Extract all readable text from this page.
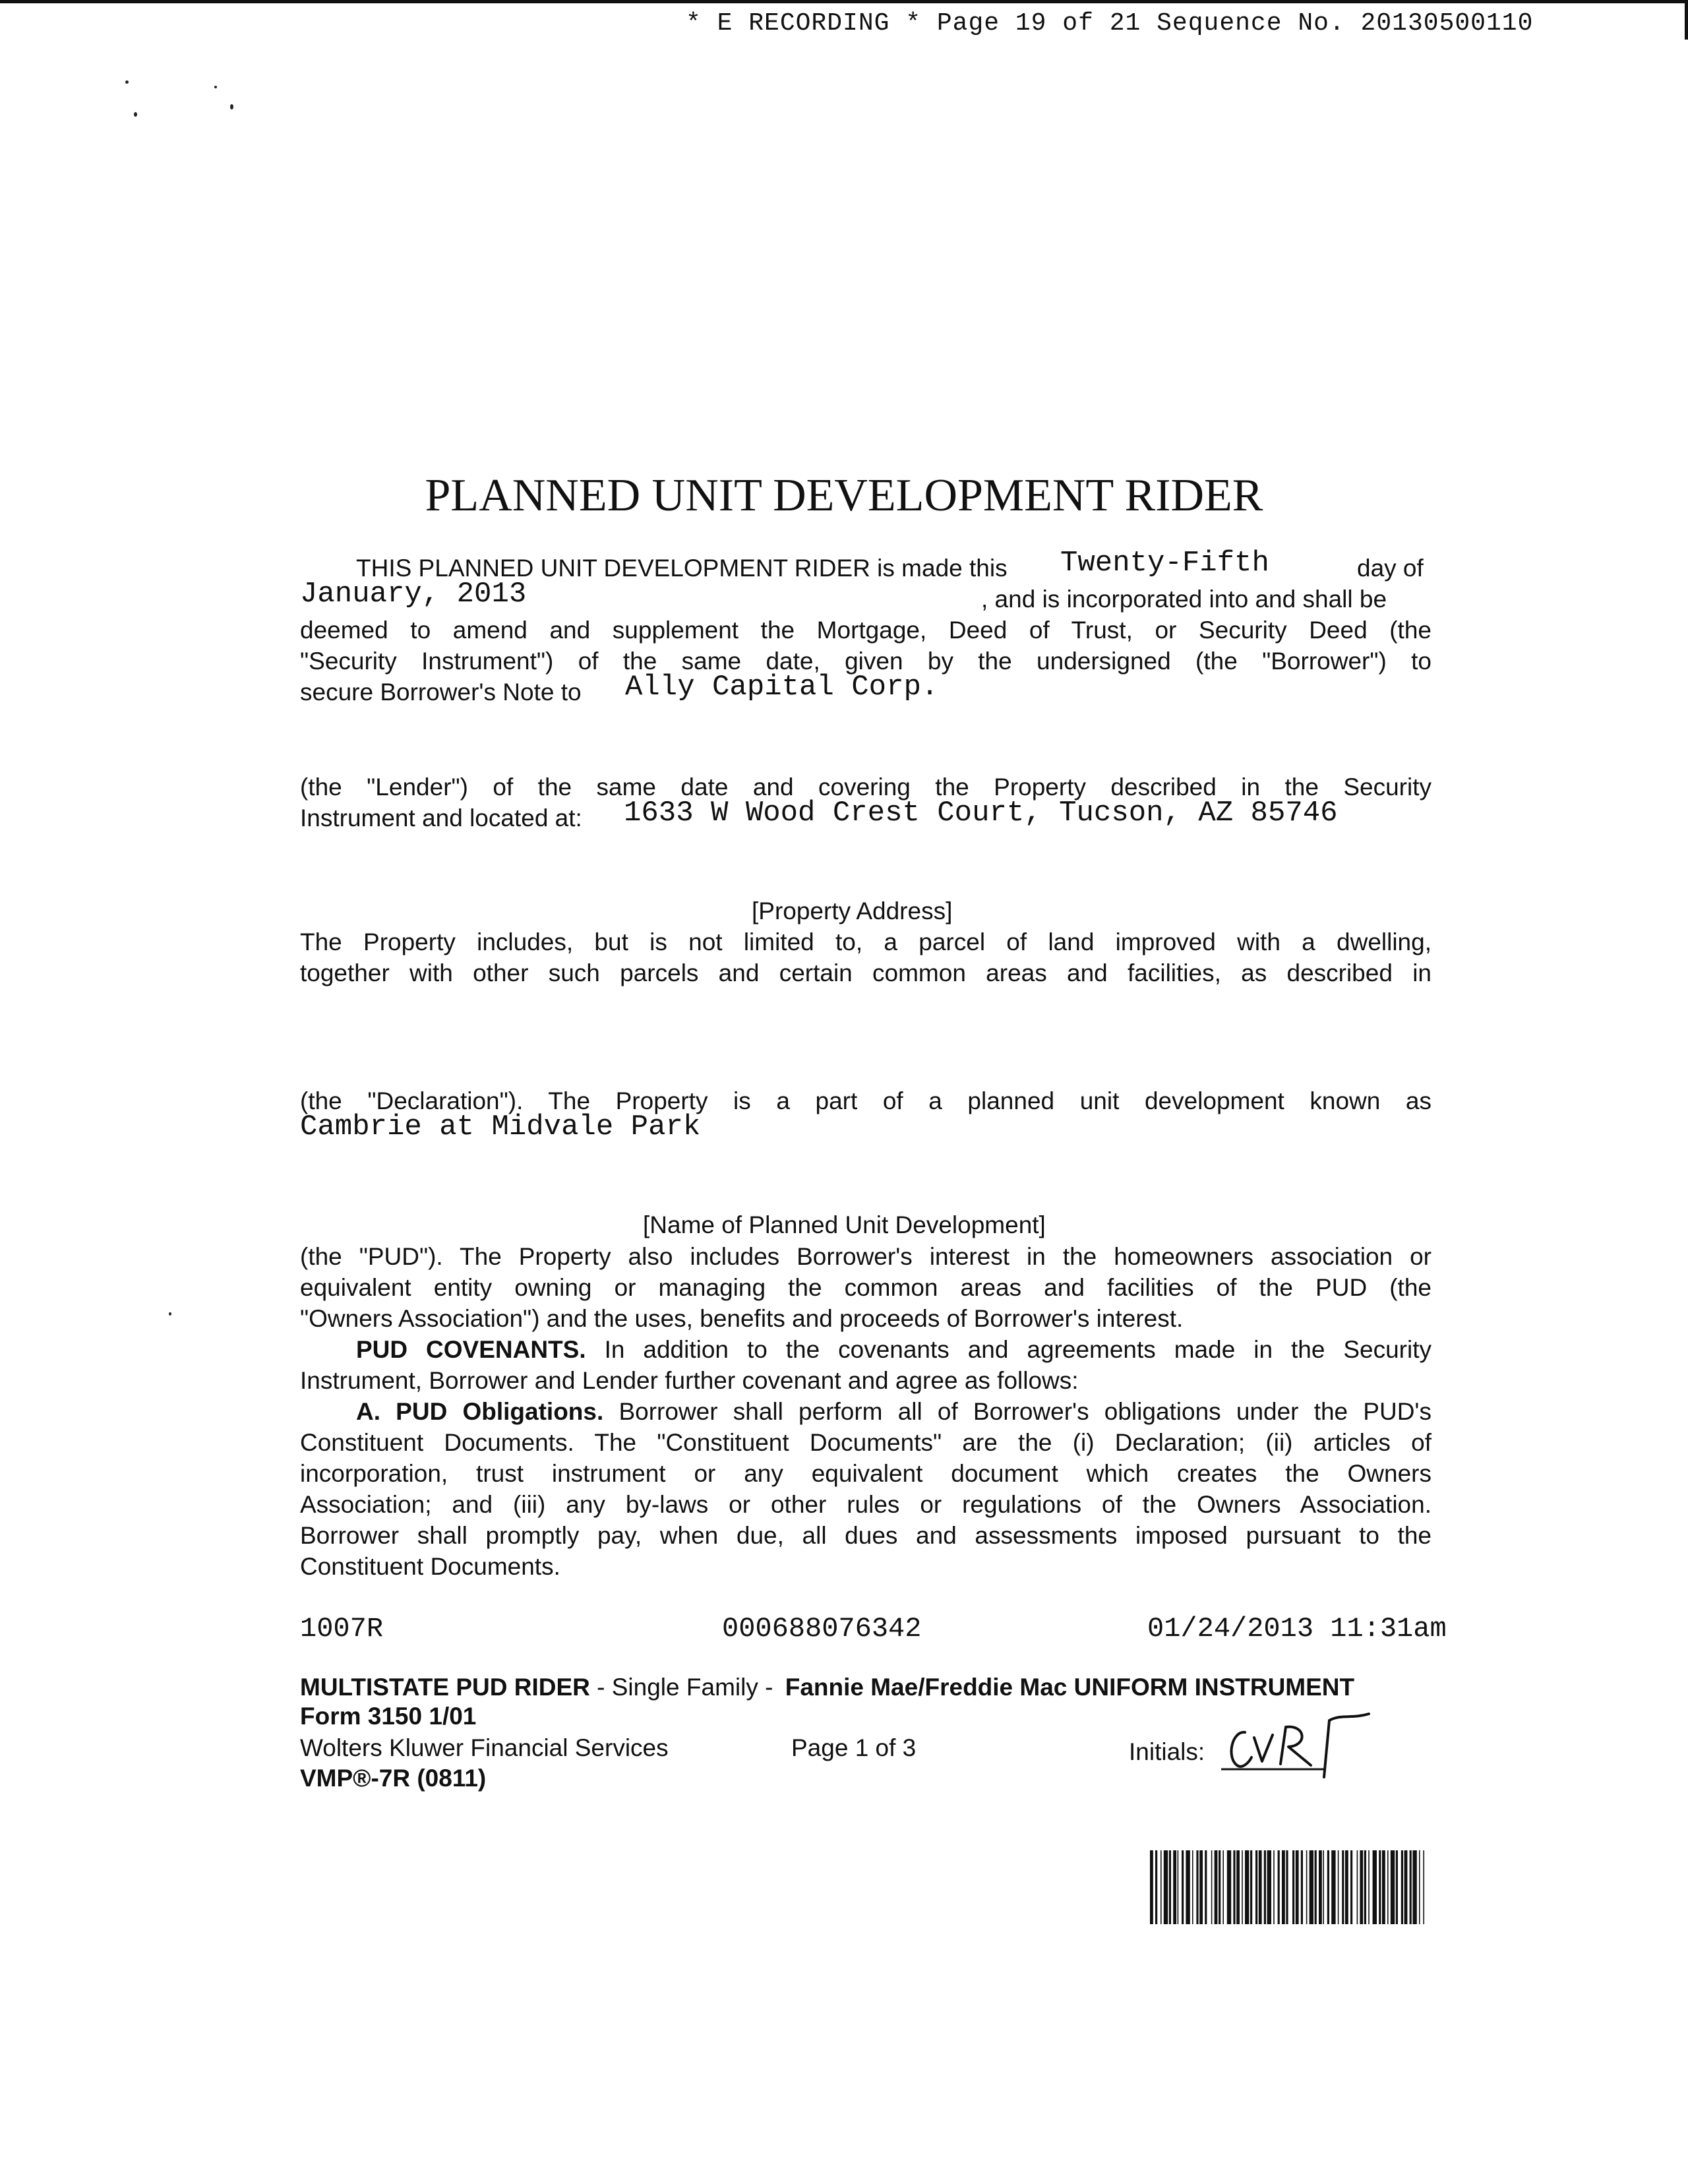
* E RECORDING * Page 19 of 21 Sequence No. 20130500110
PLANNED UNIT DEVELOPMENT RIDER
THIS PLANNED UNIT DEVELOPMENT RIDER is made this Twenty-Fifth	day of
January, 2013	, and is incorporated into and shall be
deemed to amend and supplement the Mortgage, Deed of Trust, or Security Deed (the
"Security Instrument") of the same date, given by the undersigned (the "Borrower") to
secure Borrower's Note to Ally Capital Corp.
(the "Lender") of the same date and covering the Property described in the Security
Instrument and located at: 1633 W Wood Crest Court, Tucson, AZ 85746
[Property Address]
The Property includes, but is not limited to, a parcel of land improved with a dwelling,
together with other such parcels and certain common areas and facilities, as described in
(the "Declaration"). The Property is a part of a planned unit development known as
Cambrie at Midvale Park
[Name of Planned Unit Development]
(the "PUD"). The Property also includes Borrower's interest in the homeowners association or
equivalent entity owning or managing the common areas and facilities of the PUD (the
"Owners Association") and the uses, benefits and proceeds of Borrower's interest.
PUD COVENANTS. In addition to the covenants and agreements made in the Security
Instrument, Borrower and Lender further covenant and agree as follows:
A. PUD Obligations. Borrower shall perform all of Borrower's obligations under the PUD's
Constituent Documents. The "Constituent Documents" are the (i) Declaration; (ii) articles of
incorporation, trust instrument or any equivalent document which creates the Owners
Association; and (iii) any by-laws or other rules or regulations of the Owners Association.
Borrower shall promptly pay, when due, all dues and assessments imposed pursuant to the
Constituent Documents.
1007R	000688076342	01/24/2013 11:31am
MULTISTATE PUD RIDER - Single Family - Fannie Mae/Freddie Mac UNIFORM INSTRUMENT
Form 3150 1/01
Wolters Kluwer Financial Services	Page 1 of 3	Initials:
VMP®-7R (0811)
